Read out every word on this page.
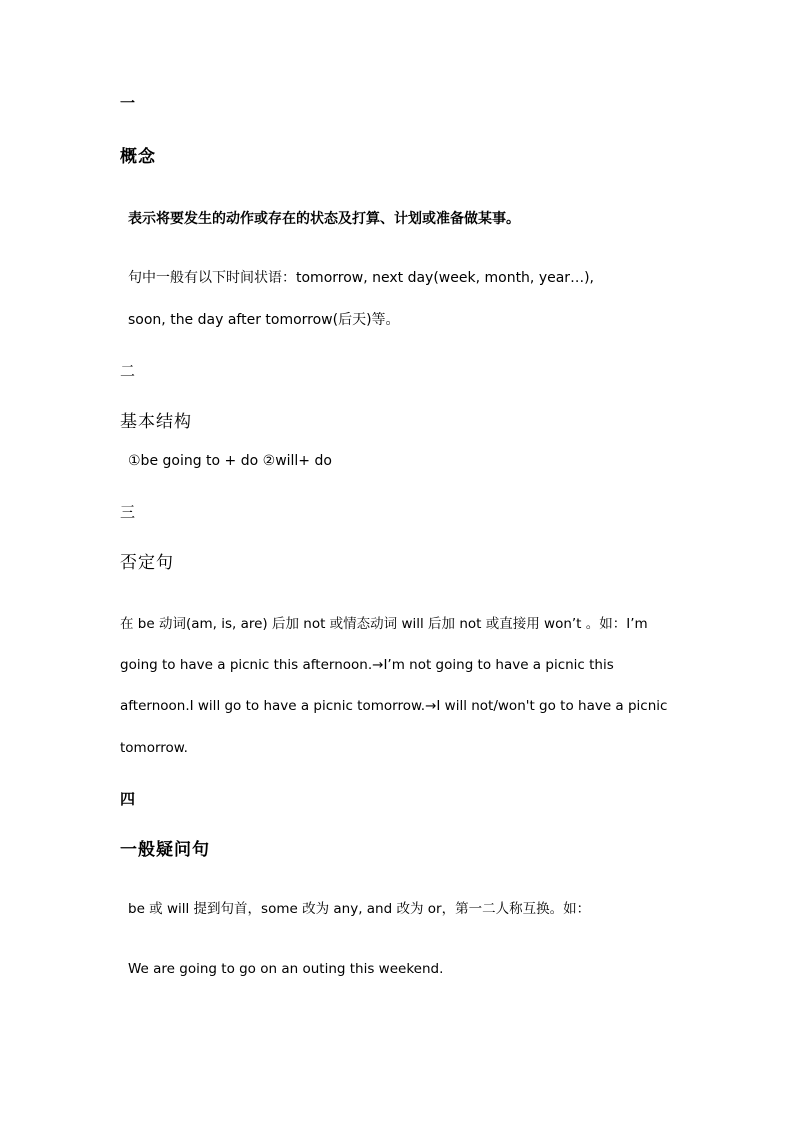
一
概念
表示将要发生的动作或存在的状态及打算、计划或准备做某事。
句中一般有以下时间状语：tomorrow, next day(week, month, year…),
soon, the day after tomorrow(后天)等。
二
基本结构
①be going to + do ②will+ do
三
否定句
在 be 动词(am, is, are) 后加 not 或情态动词 will 后加 not 或直接用 won’t 。如：I’m
going to have a picnic this afternoon.→I’m not going to have a picnic this
afternoon.I will go to have a picnic tomorrow.→I will not/won't go to have a picnic
tomorrow.
四
一般疑问句
be 或 will 提到句首，some 改为 any, and 改为 or，第一二人称互换。如：
We are going to go on an outing this weekend.
